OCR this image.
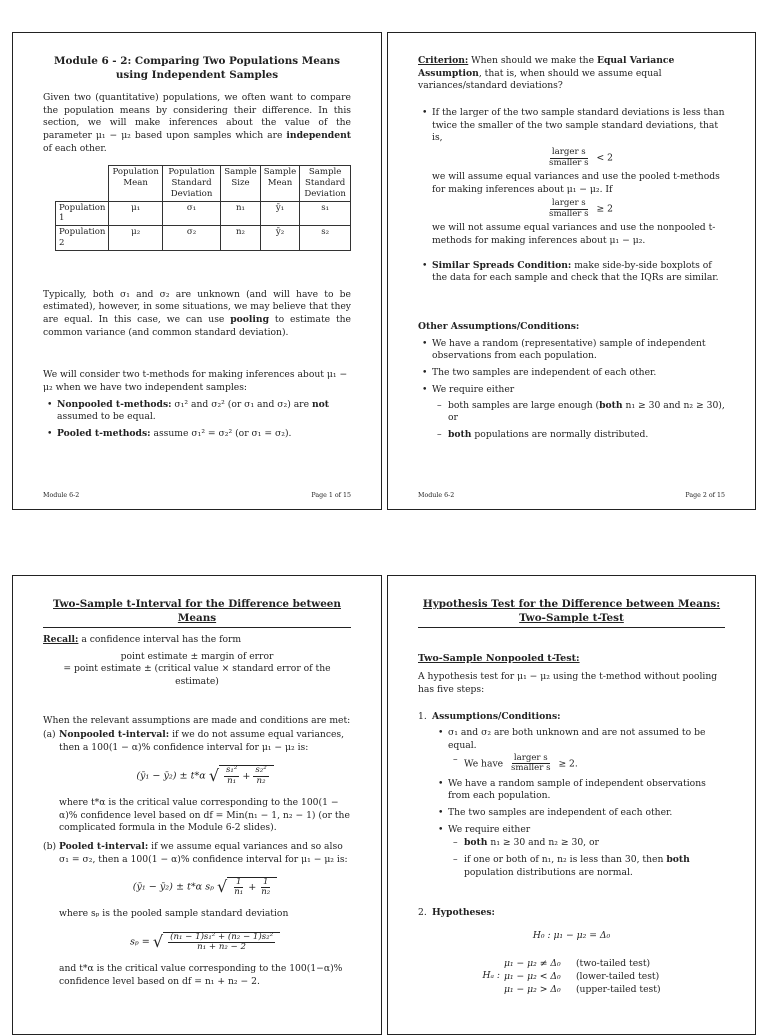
Module 6 - 2: Comparing Two Populations Means using Independent Samples

Given two (quantitative) populations, we often want to compare the population means by considering their difference. In this section, we will make inferences about the value of the parameter μ₁ − μ₂ based upon samples which are independent of each other.

	Population Mean	Population Standard Deviation	Sample Size	Sample Mean	Sample Standard Deviation
Population 1	μ₁	σ₁	n₁	ȳ₁	s₁
Population 2	μ₂	σ₂	n₂	ȳ₂	s₂

Typically, both σ₁ and σ₂ are unknown (and will have to be estimated), however, in some situations, we may believe that they are equal. In this case, we can use pooling to estimate the common variance (and common standard deviation).

We will consider two t-methods for making inferences about μ₁ − μ₂ when we have two independent samples:

• Nonpooled t-methods: σ₁² and σ₂² (or σ₁ and σ₂) are not assumed to be equal.
• Pooled t-methods: assume σ₁² = σ₂² (or σ₁ = σ₂).
Module 6-2	Page 1 of 15

Criterion: When should we make the Equal Variance Assumption, that is, when should we assume equal variances/standard deviations?

• If the larger of the two sample standard deviations is less than twice the smaller of the two sample standard deviations, that is,
$\frac{\text{larger s}}{\text{smaller s}} < 2$
we will assume equal variances and use the pooled t-methods for making inferences about μ₁ − μ₂. If
$\frac{\text{larger s}}{\text{smaller s}} \ge 2$
we will not assume equal variances and use the nonpooled t-methods for making inferences about μ₁ − μ₂.
• Similar Spreads Condition: make side-by-side boxplots of the data for each sample and check that the IQRs are similar.
Other Assumptions/Conditions:
• We have a random (representative) sample of independent observations from each population.
• The two samples are independent of each other.
• We require either
– both samples are large enough (both n₁ ≥ 30 and n₂ ≥ 30), or
– both populations are normally distributed.
Module 6-2	Page 2 of 15
Two-Sample t-Interval for the Difference between Means

Recall: a confidence interval has the form

point estimate ± margin of error
= point estimate ± (critical value × standard error of the estimate)

When the relevant assumptions are made and conditions are met:

(a) Nonpooled t-interval: if we do not assume equal variances, then a 100(1 − α)% confidence interval for μ₁ − μ₂ is:
(ȳ₁ − ȳ₂) ± t*α √ $\frac{\text{s₁²}}{\text{n₁}} + \frac{\text{s₂²}}{\text{n₂}}$
where t*α is the critical value corresponding to the 100(1 − α)% confidence level based on df = Min(n₁ − 1, n₂ − 1) (or the complicated formula in the Module 6-2 slides).
(b) Pooled t-interval: if we assume equal variances and so also σ₁ = σ₂, then a 100(1 − α)% confidence interval for μ₁ − μ₂ is:
(ȳ₁ − ȳ₂) ± t*α sₚ √ $\frac{1}{\text{n₁}} + \frac{1}{\text{n₂}}$
where sₚ is the pooled sample standard deviation
sₚ = √ $\frac{\text{(n₁ − 1)s₁² + (n₂ − 1)s₂²}}{\text{n₁ + n₂ − 2}}$
and t*α is the critical value corresponding to the 100(1−α)% confidence level based on df = n₁ + n₂ − 2.
Hypothesis Test for the Difference between Means:
Two-Sample t-Test
Two-Sample Nonpooled t-Test:

A hypothesis test for μ₁ − μ₂ using the t-method without pooling has five steps:

1. Assumptions/Conditions:
• σ₁ and σ₂ are both unknown and are not assumed to be equal.
– We have $\frac{\text{larger s}}{\text{smaller s}} \ge 2$.
• We have a random sample of independent observations from each population.
• The two samples are independent of each other.
• We require either
– both n₁ ≥ 30 and n₂ ≥ 30, or
– if one or both of n₁, n₂ is less than 30, then both population distributions are normal.
2. Hypotheses:
H₀ : μ₁ − μ₂ = Δ₀
Hₐ :
μ₁ − μ₂ ≠ Δ₀ (two-tailed test)
μ₁ − μ₂ < Δ₀ (lower-tailed test)
μ₁ − μ₂ > Δ₀ (upper-tailed test)
